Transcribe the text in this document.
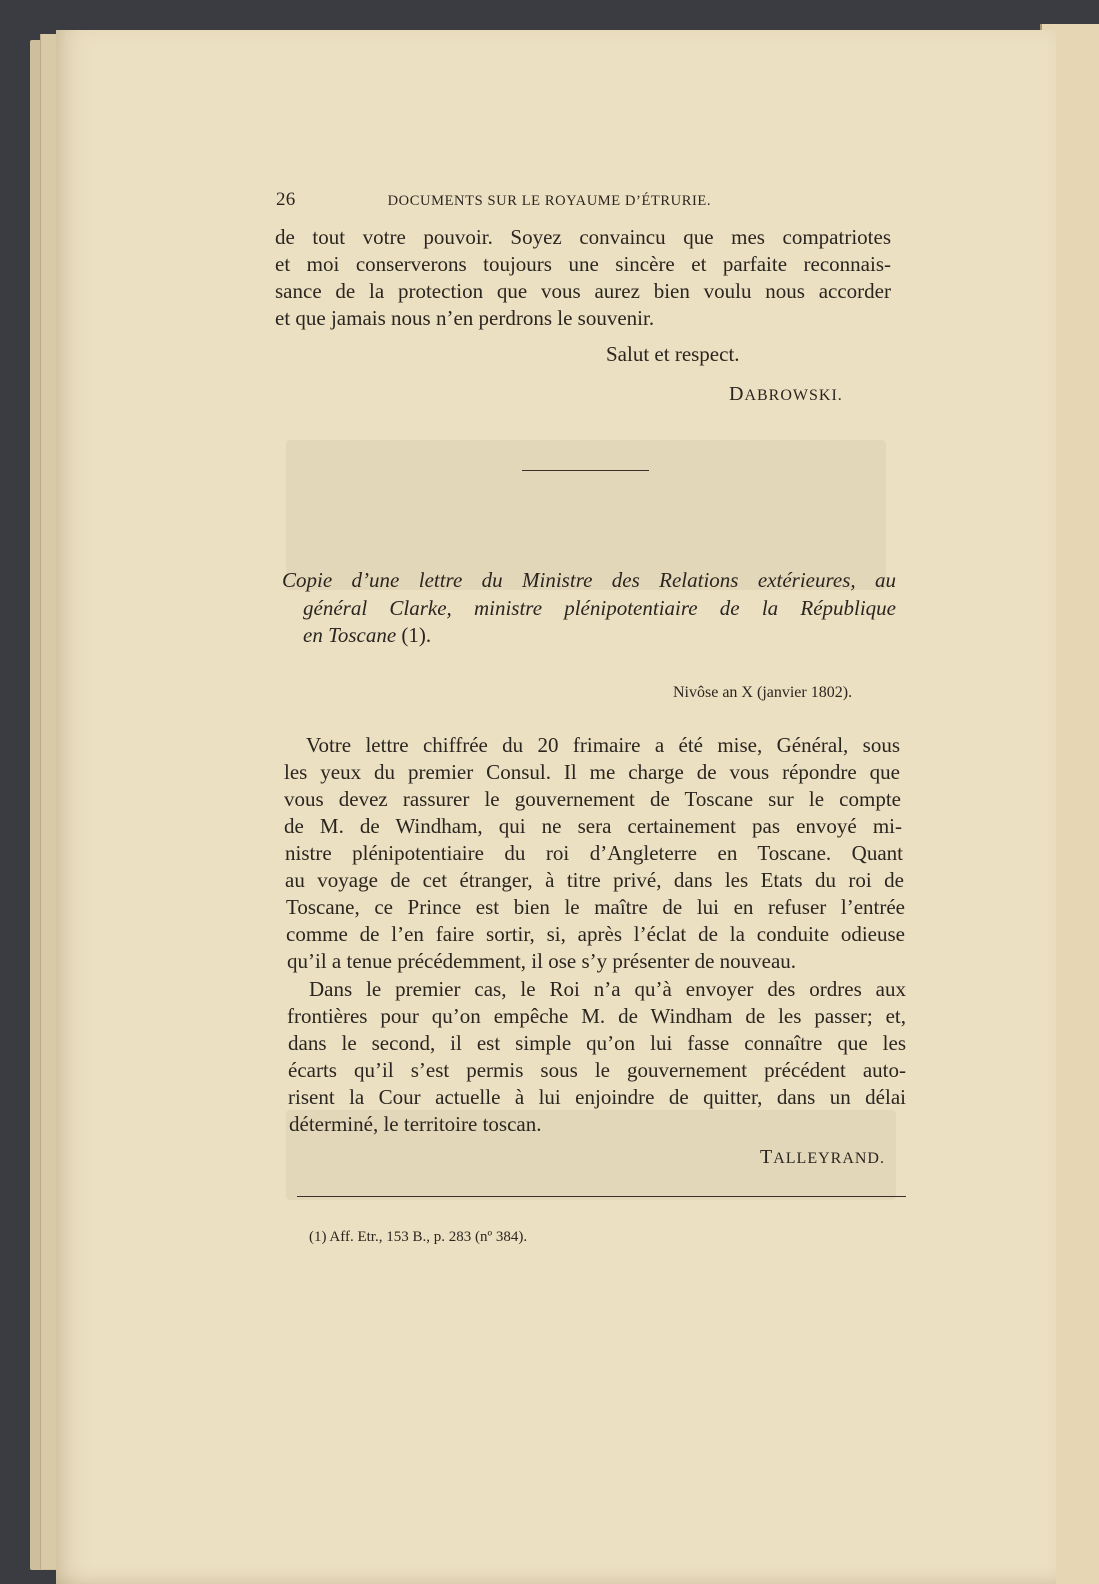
26	DOCUMENTS SUR LE ROYAUME D’ÉTRURIE.
de tout votre pouvoir. Soyez convaincu que mes compatriotes
et moi conserverons toujours une sincère et parfaite reconnais-
sance de la protection que vous aurez bien voulu nous accorder
et que jamais nous n’en perdrons le souvenir.
Salut et respect.
DABROWSKI.
Copie d’une lettre du Ministre des Relations extérieures, au
général Clarke, ministre plénipotentiaire de la République
en Toscane (1).
Nivôse an X (janvier 1802).
Votre lettre chiffrée du 20 frimaire a été mise, Général, sous
les yeux du premier Consul. Il me charge de vous répondre que
vous devez rassurer le gouvernement de Toscane sur le compte
de M. de Windham, qui ne sera certainement pas envoyé mi-
nistre plénipotentiaire du roi d’Angleterre en Toscane. Quant
au voyage de cet étranger, à titre privé, dans les Etats du roi de
Toscane, ce Prince est bien le maître de lui en refuser l’entrée
comme de l’en faire sortir, si, après l’éclat de la conduite odieuse
qu’il a tenue précédemment, il ose s’y présenter de nouveau.
Dans le premier cas, le Roi n’a qu’à envoyer des ordres aux
frontières pour qu’on empêche M. de Windham de les passer; et,
dans le second, il est simple qu’on lui fasse connaître que les
écarts qu’il s’est permis sous le gouvernement précédent auto-
risent la Cour actuelle à lui enjoindre de quitter, dans un délai
déterminé, le territoire toscan.
TALLEYRAND.
(1) Aff. Etr., 153 B., p. 283 (nº 384).
